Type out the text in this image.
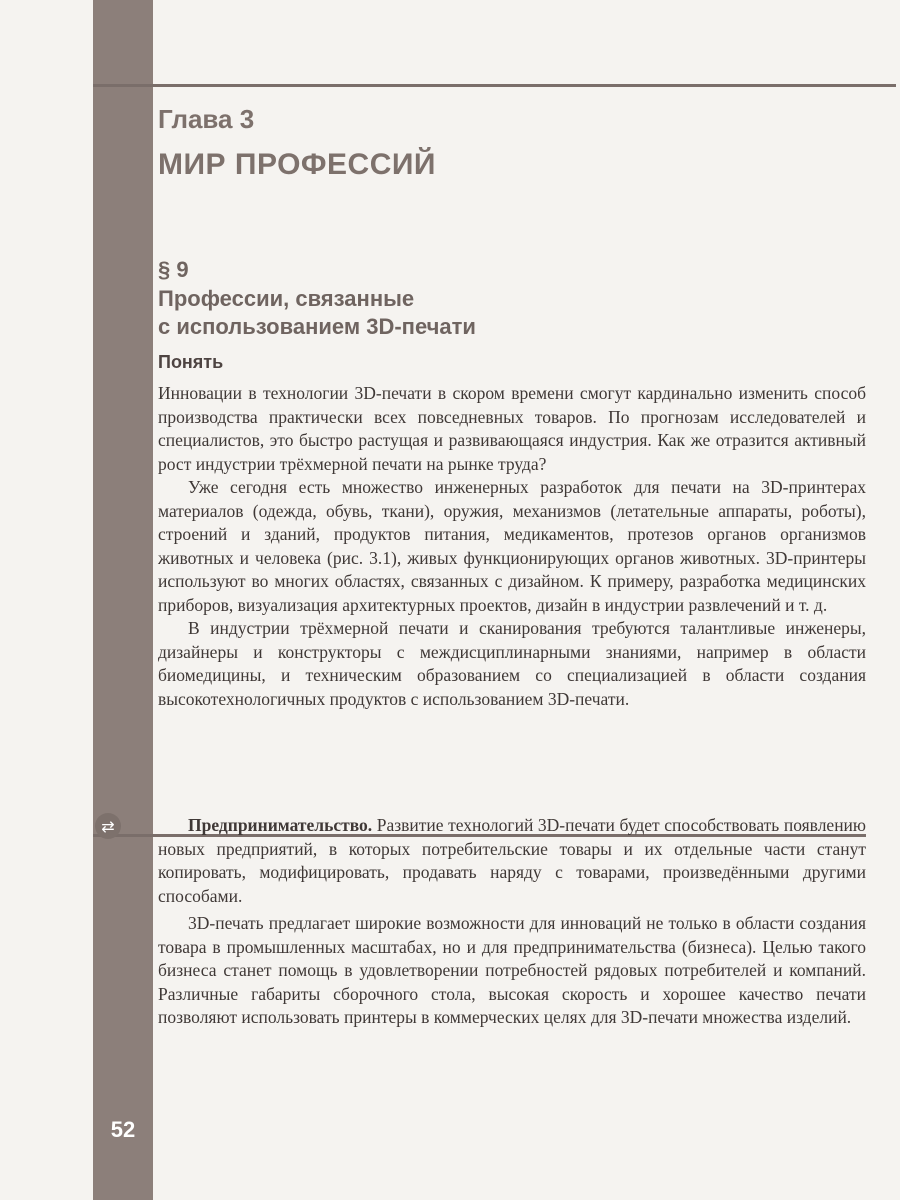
Глава 3
МИР ПРОФЕССИЙ
§ 9
Профессии, связанные
с использованием 3D-печати
Понять

Инновации в технологии 3D-печати в скором времени смогут кардинально изменить способ производства практически всех повседневных товаров. По прогнозам исследователей и специалистов, это быстро растущая и развивающаяся индустрия. Как же отразится активный рост индустрии трёхмерной печати на рынке труда?

Уже сегодня есть множество инженерных разработок для печати на 3D-принтерах материалов (одежда, обувь, ткани), оружия, механизмов (летательные аппараты, роботы), строений и зданий, продуктов питания, медикаментов, протезов органов организмов животных и человека (рис. 3.1), живых функционирующих органов животных. 3D-принтеры используют во многих областях, связанных с дизайном. К примеру, разработка медицинских приборов, визуализация архитектурных проектов, дизайн в индустрии развлечений и т. д.

В индустрии трёхмерной печати и сканирования требуются талантливые инженеры, дизайнеры и конструкторы с междисциплинарными знаниями, например в области биомедицины, и техническим образованием со специализацией в области создания высокотехнологичных продуктов с использованием 3D-печати.

⇄	Предпринимательство. Развитие технологий 3D-печати будет способствовать появлению новых предприятий, в которых потребительские товары и их отдельные части станут копировать, модифицировать, продавать наряду с товарами, произведёнными другими способами.

3D-печать предлагает широкие возможности для инноваций не только в области создания товара в промышленных масштабах, но и для предпринимательства (бизнеса). Целью такого бизнеса станет помощь в удовлетворении потребностей рядовых потребителей и компаний. Различные габариты сборочного стола, высокая скорость и хорошее качество печати позволяют использовать принтеры в коммерческих целях для 3D-печати множества изделий.

52
